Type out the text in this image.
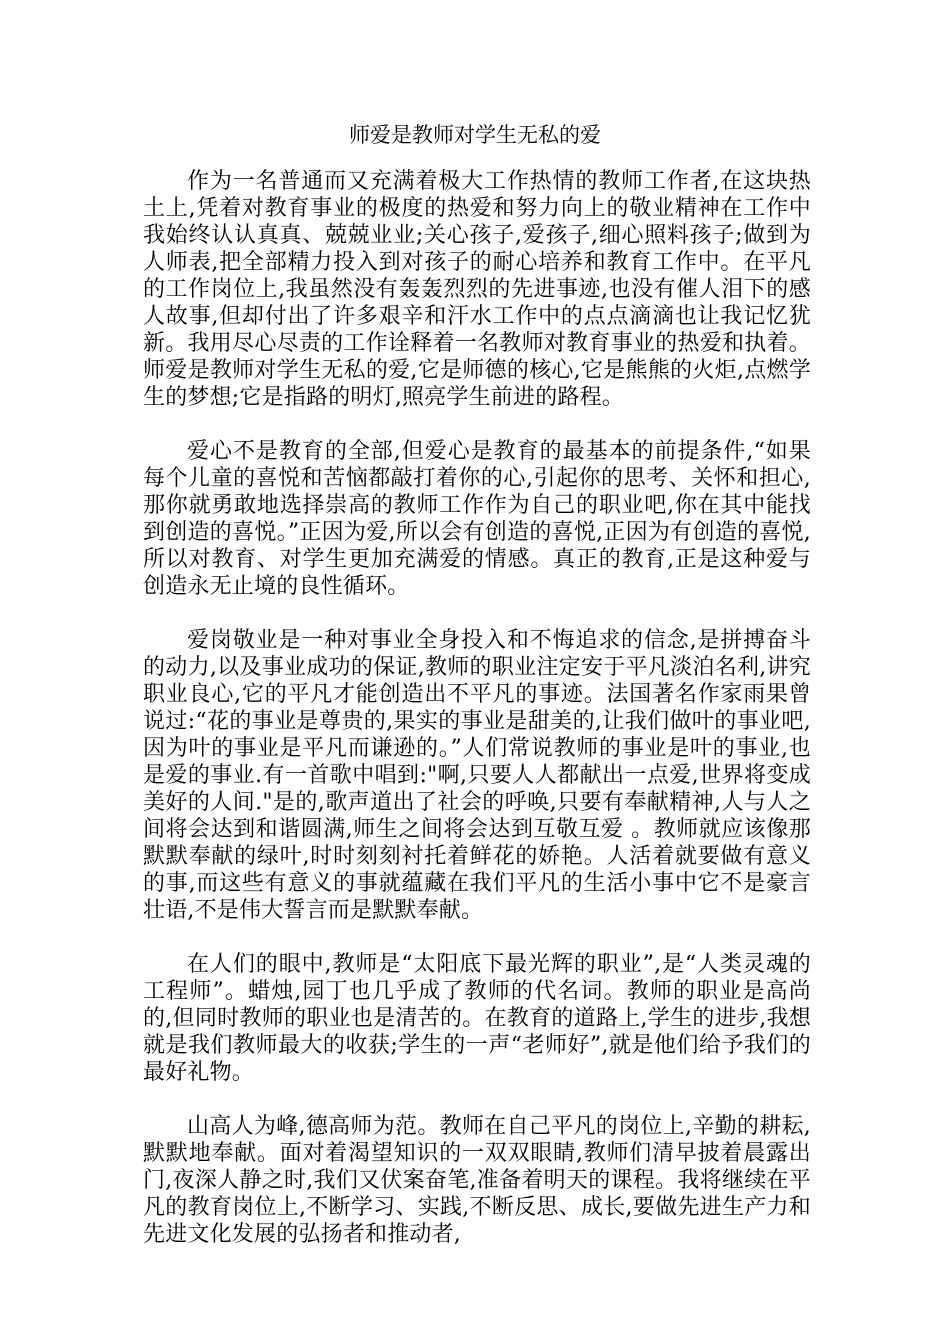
师爱是教师对学生无私的爱

作为一名普通而又充满着极大工作热情的教师工作者,在这块热土上,凭着对教育事业的极度的热爱和努力向上的敬业精神在工作中我始终认认真真、兢兢业业;关心孩子,爱孩子,细心照料孩子;做到为人师表,把全部精力投入到对孩子的耐心培养和教育工作中。在平凡的工作岗位上,我虽然没有轰轰烈烈的先进事迹,也没有催人泪下的感人故事,但却付出了许多艰辛和汗水工作中的点点滴滴也让我记忆犹新。我用尽心尽责的工作诠释着一名教师对教育事业的热爱和执着。 师爱是教师对学生无私的爱,它是师德的核心,它是熊熊的火炬,点燃学生的梦想;它是指路的明灯,照亮学生前进的路程。

爱心不是教育的全部,但爱心是教育的最基本的前提条件,“如果每个儿童的喜悦和苦恼都敲打着你的心,引起你的思考、关怀和担心,那你就勇敢地选择崇高的教师工作作为自己的职业吧,你在其中能找到创造的喜悦。”正因为爱,所以会有创造的喜悦,正因为有创造的喜悦,所以对教育、对学生更加充满爱的情感。真正的教育,正是这种爱与创造永无止境的良性循环。

爱岗敬业是一种对事业全身投入和不悔追求的信念,是拼搏奋斗的动力,以及事业成功的保证,教师的职业注定安于平凡淡泊名利,讲究职业良心,它的平凡才能创造出不平凡的事迹。法国著名作家雨果曾说过:“花的事业是尊贵的,果实的事业是甜美的,让我们做叶的事业吧,因为叶的事业是平凡而谦逊的。”人们常说教师的事业是叶的事业,也是爱的事业.有一首歌中唱到:"啊,只要人人都献出一点爱,世界将变成美好的人间."是的,歌声道出了社会的呼唤,只要有奉献精神,人与人之间将会达到和谐圆满,师生之间将会达到互敬互爱 。教师就应该像那默默奉献的绿叶,时时刻刻衬托着鲜花的娇艳。人活着就要做有意义的事,而这些有意义的事就蕴藏在我们平凡的生活小事中它不是豪言壮语,不是伟大誓言而是默默奉献。

在人们的眼中,教师是“太阳底下最光辉的职业”,是“人类灵魂的工程师”。蜡烛,园丁也几乎成了教师的代名词。教师的职业是高尚的,但同时教师的职业也是清苦的。在教育的道路上,学生的进步,我想就是我们教师最大的收获;学生的一声“老师好”,就是他们给予我们的最好礼物。

山高人为峰,德高师为范。教师在自己平凡的岗位上,辛勤的耕耘, 默默地奉献。面对着渴望知识的一双双眼睛,教师们清早披着晨露出门,夜深人静之时,我们又伏案奋笔,准备着明天的课程。我将继续在平凡的教育岗位上,不断学习、实践,不断反思、成长,要做先进生产力和先进文化发展的弘扬者和推动者,
